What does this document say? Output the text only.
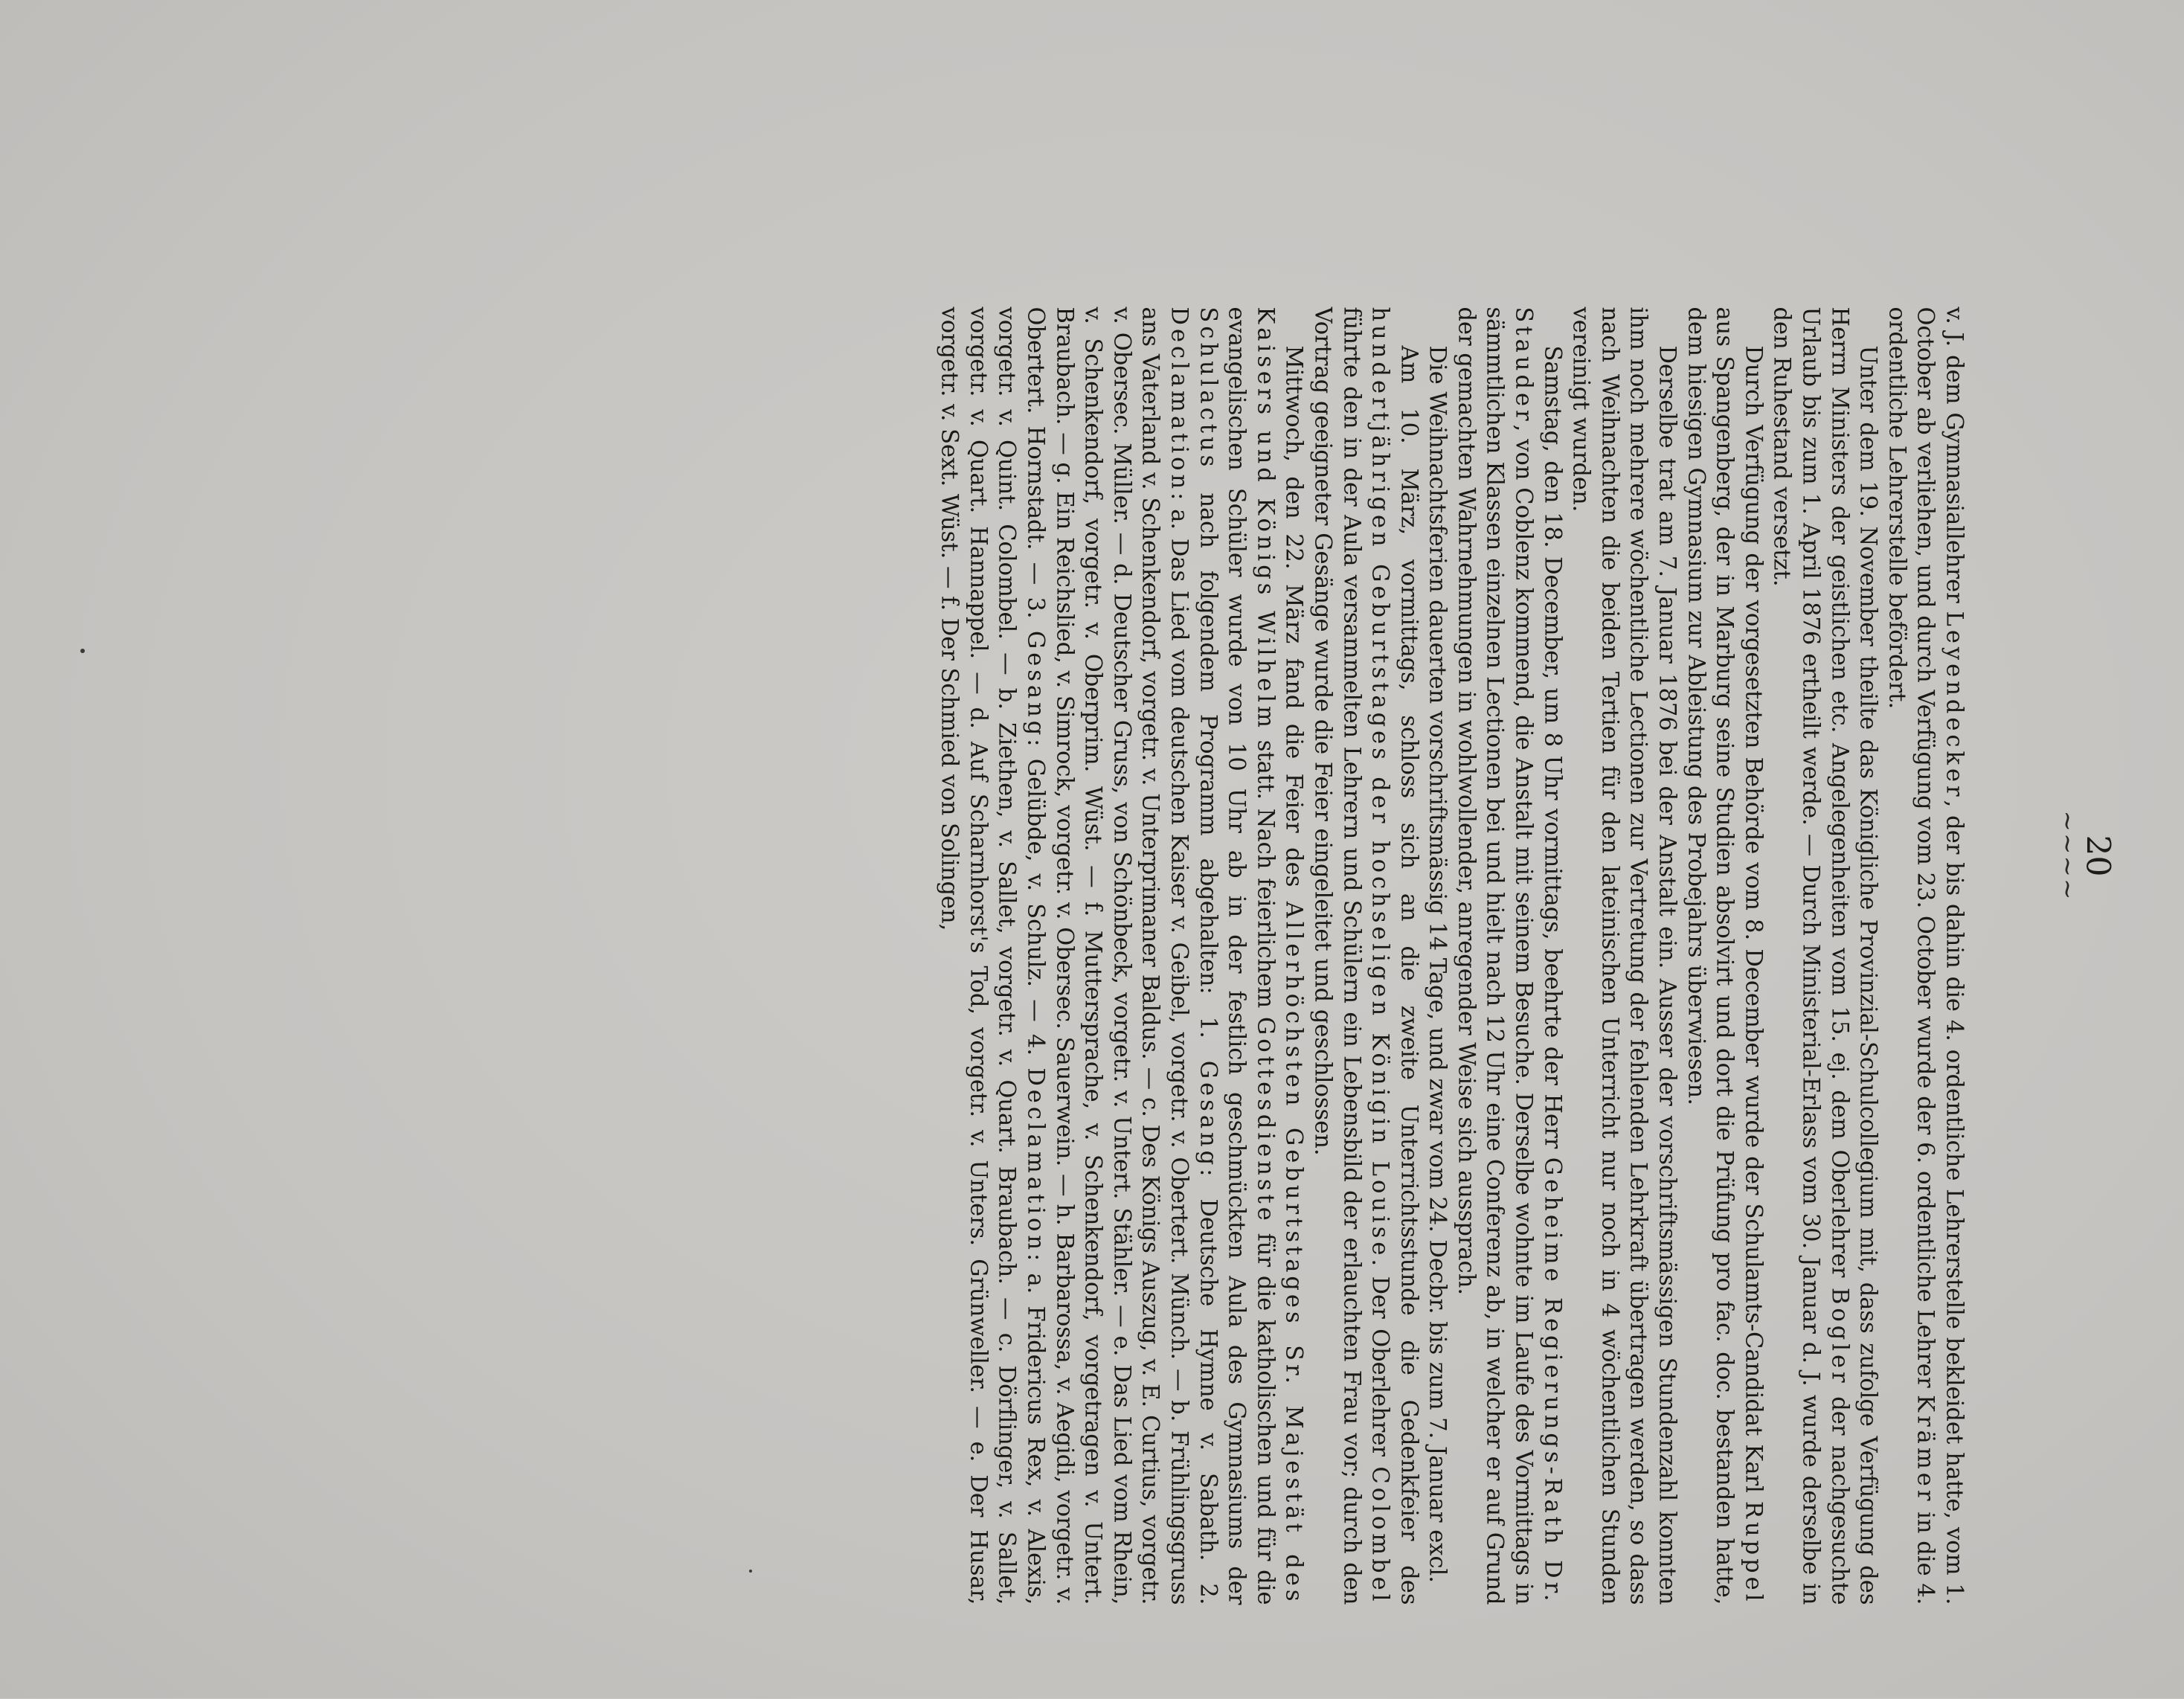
20
~~~~

v. J. dem Gymnasiallehrer Leyendecker, der bis dahin die 4. ordentliche Lehrerstelle bekleidet hatte, vom 1. October ab verliehen, und durch Verfügung vom 23. October wurde der 6. ordentliche Lehrer Krämer in die 4. ordentliche Lehrerstelle befördert.

Unter dem 19. November theilte das Königliche Provinzial-Schulcollegium mit, dass zufolge Verfügung des Herrn Ministers der geistlichen etc. Angelegenheiten vom 15. ej. dem Oberlehrer Bogler der nachgesuchte Urlaub bis zum 1. April 1876 ertheilt werde. — Durch Ministerial-Erlass vom 30. Januar d. J. wurde derselbe in den Ruhestand versetzt.

Durch Verfügung der vorgesetzten Behörde vom 8. December wurde der Schulamts-Candidat Karl Ruppel aus Spangenberg, der in Marburg seine Studien absolvirt und dort die Prüfung pro fac. doc. bestanden hatte, dem hiesigen Gymnasium zur Ableistung des Probejahrs überwiesen.

Derselbe trat am 7. Januar 1876 bei der Anstalt ein. Ausser der vorschriftsmässigen Stundenzahl konnten ihm noch mehrere wöchentliche Lectionen zur Vertretung der fehlenden Lehrkraft übertragen werden, so dass nach Weihnachten die beiden Tertien für den lateinischen Unterricht nur noch in 4 wöchentlichen Stunden vereinigt wurden.

Samstag, den 18. December, um 8 Uhr vormittags, beehrte der Herr Geheime Regierungs-Rath Dr. Stauder, von Coblenz kommend, die Anstalt mit seinem Besuche. Derselbe wohnte im Laufe des Vormittags in sämmtlichen Klassen einzelnen Lectionen bei und hielt nach 12 Uhr eine Conferenz ab, in welcher er auf Grund der gemachten Wahrnehmungen in wohlwollender, anregender Weise sich aussprach.

Die Weihnachtsferien dauerten vorschriftsmässig 14 Tage, und zwar vom 24. Decbr. bis zum 7. Januar excl.

Am 10. März, vormittags, schloss sich an die zweite Unterrichtsstunde die Gedenkfeier des hundertjährigen Geburtstages der hochseligen Königin Louise. Der Oberlehrer Colombel führte den in der Aula versammelten Lehrern und Schülern ein Lebensbild der erlauchten Frau vor; durch den Vortrag geeigneter Gesänge wurde die Feier eingeleitet und geschlossen.

Mittwoch, den 22. März fand die Feier des Allerhöchsten Geburtstages Sr. Majestät des Kaisers und Königs Wilhelm statt. Nach feierlichem Gottesdienste für die katholischen und für die evangelischen Schüler wurde von 10 Uhr ab in der festlich geschmückten Aula des Gymnasiums der Schulactus nach folgendem Programm abgehalten: 1. Gesang: Deutsche Hymne v. Sabath. 2. Declamation: a. Das Lied vom deutschen Kaiser v. Geibel, vorgetr. v. Obertert. Münch. — b. Frühlingsgruss ans Vaterland v. Schenkendorf, vorgetr. v. Unterprimaner Baldus. — c. Des Königs Auszug, v. E. Curtius, vorgetr. v. Obersec. Müller. — d. Deutscher Gruss, von Schönbeck, vorgetr. v. Untert. Stähler. — e. Das Lied vom Rhein, v. Schenkendorf, vorgetr. v. Oberprim. Wüst. — f. Muttersprache, v. Schenkendorf, vorgetragen v. Untert. Braubach. — g. Ein Reichslied, v. Simrock, vorgetr. v. Obersec. Sauerwein. — h. Barbarossa, v. Aegidi, vorgetr. v. Obertert. Hornstadt. — 3. Gesang: Gelübde, v. Schulz. — 4. Declamation: a. Fridericus Rex, v. Alexis, vorgetr. v. Quint. Colombel. — b. Ziethen, v. Sallet, vorgetr. v. Quart. Braubach. — c. Dörflinger, v. Sallet, vorgetr. v. Quart. Hannappel. — d. Auf Scharnhorst's Tod, vorgetr. v. Unters. Grünweller. — e. Der Husar, vorgetr. v. Sext. Wüst. — f. Der Schmied von Solingen,
